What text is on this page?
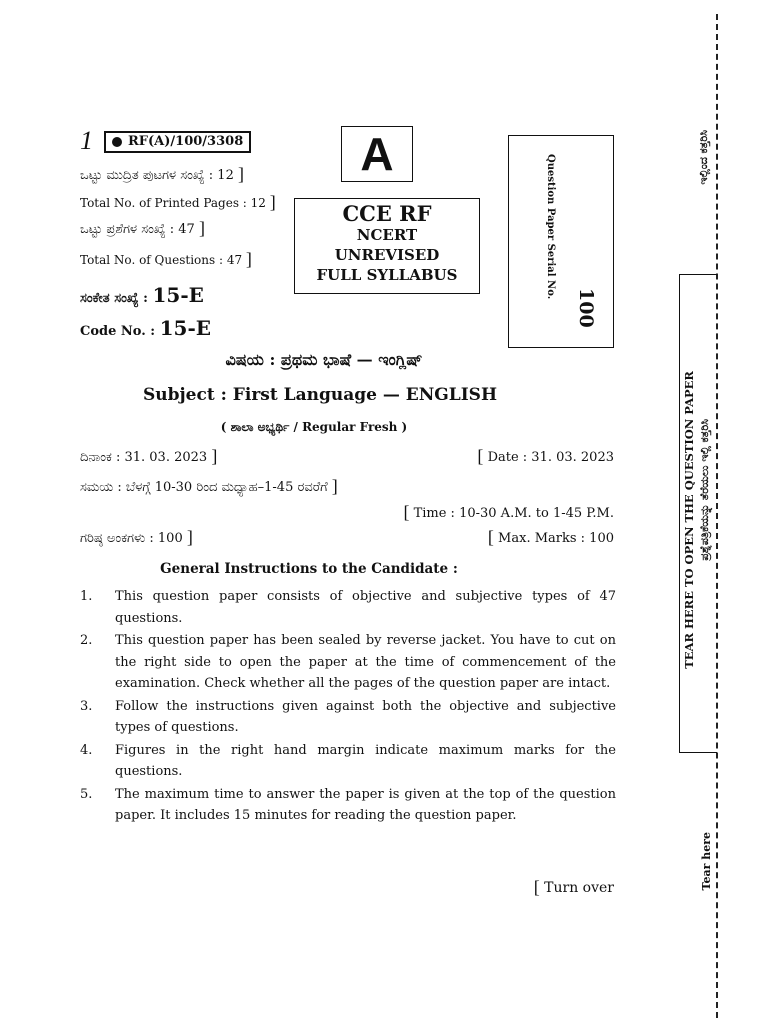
1	RF(A)/100/3308
ಒಟ್ಟು ಮುದ್ರಿತ ಪುಟಗಳ ಸಂಖ್ಯೆ : 12 ]
Total No. of Printed Pages : 12 ]
ಒಟ್ಟು ಪ್ರಶೆಗಳ ಸಂಖ್ಯೆ : 47 ]
Total No. of Questions : 47 ]
ಸಂಕೇತ ಸಂಖ್ಯೆ : 15-E
Code No. : 15-E
A
CCE RF
NCERT
UNREVISED
FULL SYLLABUS	Question Paper Serial No.
100
ವಿಷಯ : ಪ್ರಥಮ ಭಾಷೆ — ಇಂಗ್ಲಿಷ್
Subject : First Language — ENGLISH
( ಶಾಲಾ ಅಭ್ಯರ್ಥಿ / Regular Fresh )
ದಿನಾಂಕ : 31. 03. 2023 ]	[ Date : 31. 03. 2023
ಸಮಯ : ಬೆಳಗ್ಗೆ 10-30 ರಿಂದ ಮಧ್ಯಾಹ–1-45 ರವರೆಗೆ ]
[ Time : 10-30 A.M. to 1-45 P.M.
ಗರಿಷ್ಠ ಅಂಕಗಳು : 100 ]	[ Max. Marks : 100
General Instructions to the Candidate :
1.	This question paper consists of objective and subjective types of 47 questions.
2.	This question paper has been sealed by reverse jacket. You have to cut on the right side to open the paper at the time of commencement of the examination. Check whether all the pages of the question paper are intact.
3.	Follow the instructions given against both the objective and subjective types of questions.
4.	Figures in the right hand margin indicate maximum marks for the questions.
5.	The maximum time to answer the paper is given at the top of the question paper. It includes 15 minutes for reading the question paper.
[ Turn over
ಇಲ್ಲಿಂದ ಕತ್ತರಿಸಿ
TEAR HERE TO OPEN THE QUESTION PAPER ಪ್ರಶ್ನೆಪತ್ರಿಕೆಯನ್ನು ತೆರೆಯಲು ಇಲ್ಲಿ ಕತ್ತರಿಸಿ
Tear here
